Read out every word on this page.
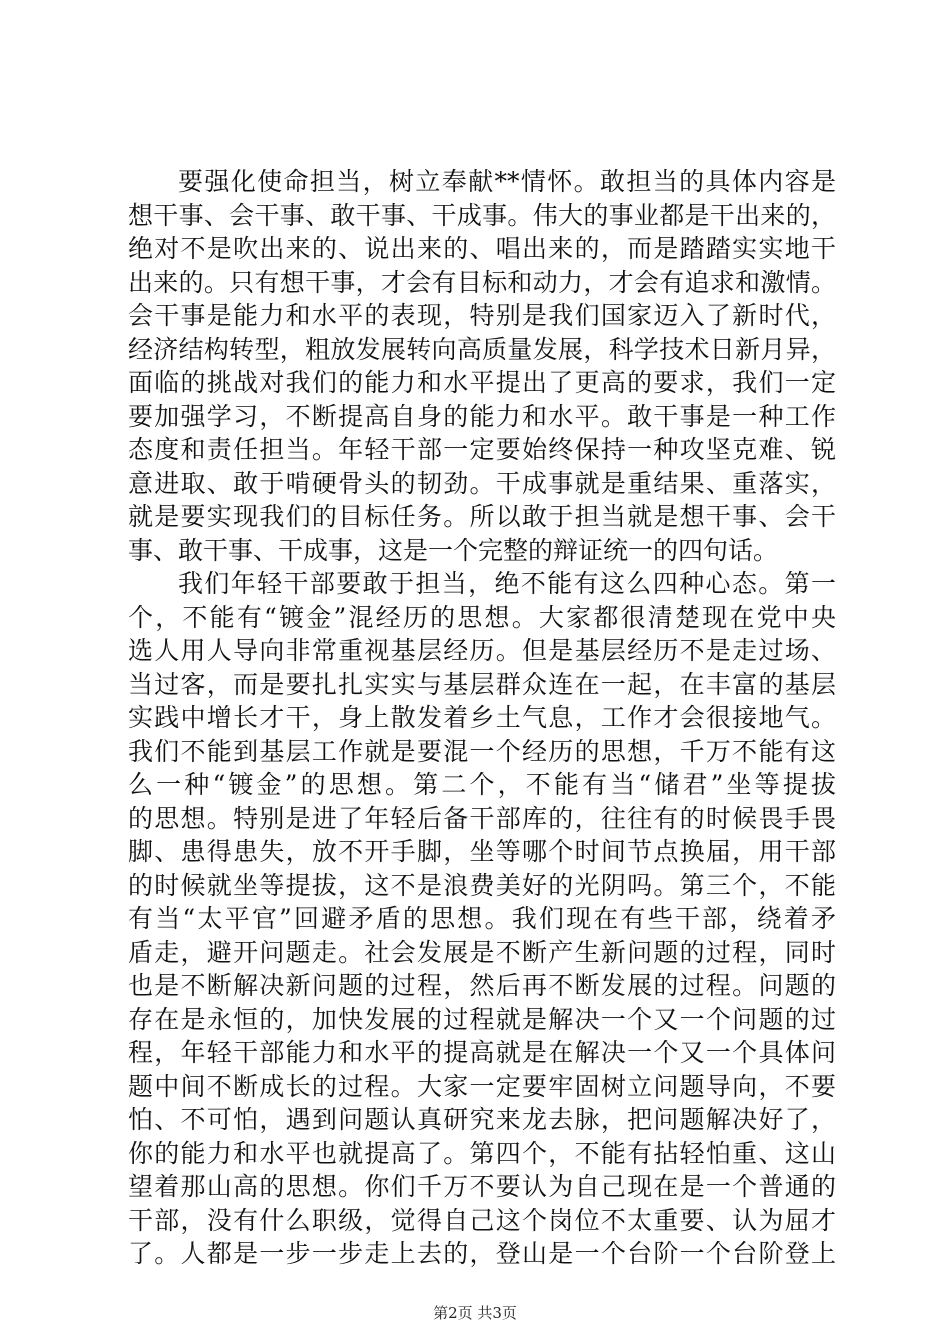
要强化使命担当，树立奉献**情怀。敢担当的具体内容是
想干事、会干事、敢干事、干成事。伟大的事业都是干出来的，
绝对不是吹出来的、说出来的、唱出来的，而是踏踏实实地干
出来的。只有想干事，才会有目标和动力，才会有追求和激情。
会干事是能力和水平的表现，特别是我们国家迈入了新时代，
经济结构转型，粗放发展转向高质量发展，科学技术日新月异，
面临的挑战对我们的能力和水平提出了更高的要求，我们一定
要加强学习，不断提高自身的能力和水平。敢干事是一种工作
态度和责任担当。年轻干部一定要始终保持一种攻坚克难、锐
意进取、敢于啃硬骨头的韧劲。干成事就是重结果、重落实，
就是要实现我们的目标任务。所以敢于担当就是想干事、会干
事、敢干事、干成事，这是一个完整的辩证统一的四句话。
我们年轻干部要敢于担当，绝不能有这么四种心态。第一
个，不能有“镀金”混经历的思想。大家都很清楚现在党中央
选人用人导向非常重视基层经历。但是基层经历不是走过场、
当过客，而是要扎扎实实与基层群众连在一起，在丰富的基层
实践中增长才干，身上散发着乡土气息，工作才会很接地气。
我们不能到基层工作就是要混一个经历的思想，千万不能有这
么一种“镀金”的思想。第二个，不能有当“储君”坐等提拔
的思想。特别是进了年轻后备干部库的，往往有的时候畏手畏
脚、患得患失，放不开手脚，坐等哪个时间节点换届，用干部
的时候就坐等提拔，这不是浪费美好的光阴吗。第三个，不能
有当“太平官”回避矛盾的思想。我们现在有些干部，绕着矛
盾走，避开问题走。社会发展是不断产生新问题的过程，同时
也是不断解决新问题的过程，然后再不断发展的过程。问题的
存在是永恒的，加快发展的过程就是解决一个又一个问题的过
程，年轻干部能力和水平的提高就是在解决一个又一个具体问
题中间不断成长的过程。大家一定要牢固树立问题导向，不要
怕、不可怕，遇到问题认真研究来龙去脉，把问题解决好了，
你的能力和水平也就提高了。第四个，不能有拈轻怕重、这山
望着那山高的思想。你们千万不要认为自己现在是一个普通的
干部，没有什么职级，觉得自己这个岗位不太重要、认为屈才
了。人都是一步一步走上去的，登山是一个台阶一个台阶登上
第2页 共3页
